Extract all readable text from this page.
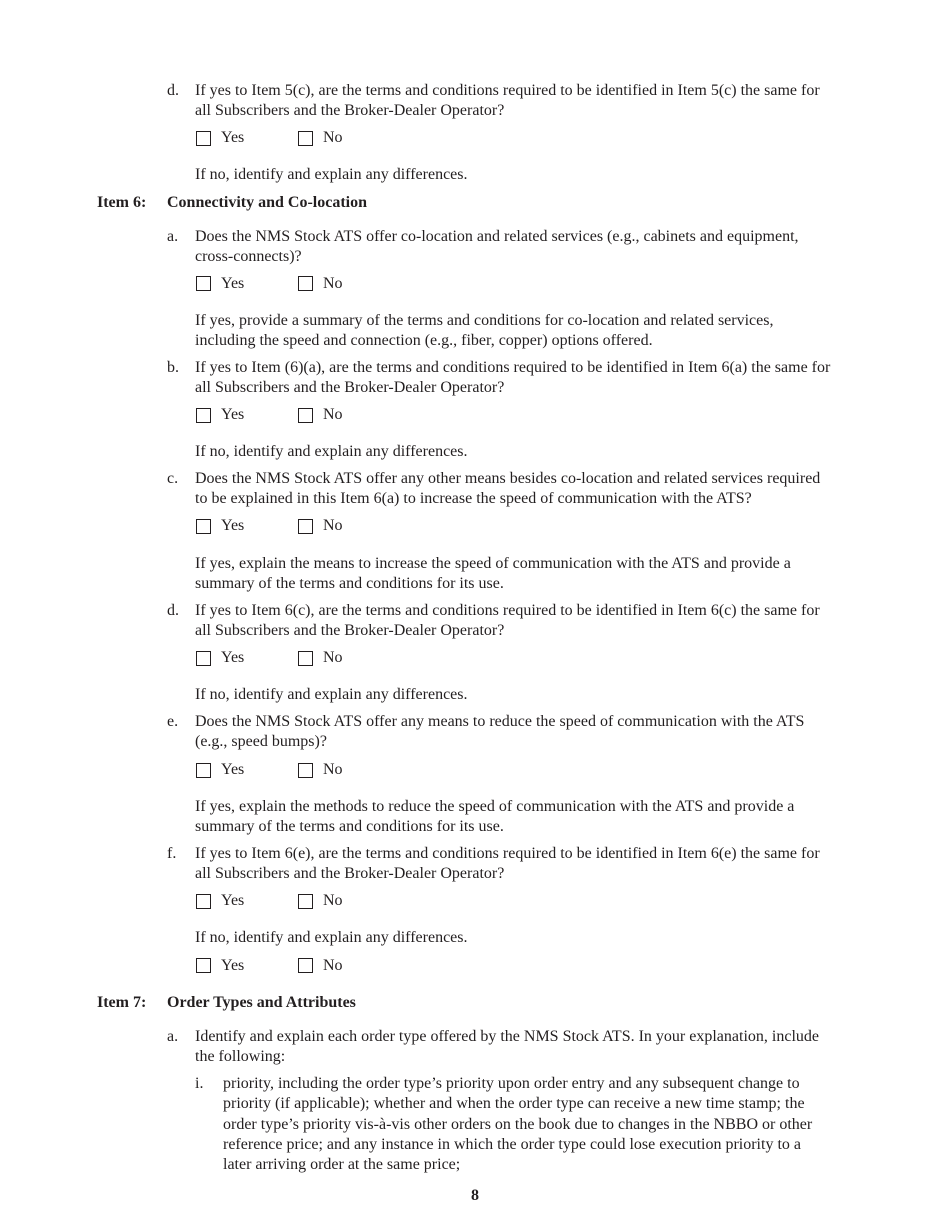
d. If yes to Item 5(c), are the terms and conditions required to be identified in Item 5(c) the same for
all Subscribers and the Broker-Dealer Operator?
Yes	No
If no, identify and explain any differences.
Item 6: Connectivity and Co-location
a. Does the NMS Stock ATS offer co-location and related services (e.g., cabinets and equipment,
cross-connects)?
Yes	No
If yes, provide a summary of the terms and conditions for co-location and related services,
including the speed and connection (e.g., fiber, copper) options offered.
b. If yes to Item (6)(a), are the terms and conditions required to be identified in Item 6(a) the same for
all Subscribers and the Broker-Dealer Operator?
Yes	No
If no, identify and explain any differences.
c. Does the NMS Stock ATS offer any other means besides co-location and related services required
to be explained in this Item 6(a) to increase the speed of communication with the ATS?
Yes	No
If yes, explain the means to increase the speed of communication with the ATS and provide a
summary of the terms and conditions for its use.
d. If yes to Item 6(c), are the terms and conditions required to be identified in Item 6(c) the same for
all Subscribers and the Broker-Dealer Operator?
Yes	No
If no, identify and explain any differences.
e. Does the NMS Stock ATS offer any means to reduce the speed of communication with the ATS
(e.g., speed bumps)?
Yes	No
If yes, explain the methods to reduce the speed of communication with the ATS and provide a
summary of the terms and conditions for its use.
f. If yes to Item 6(e), are the terms and conditions required to be identified in Item 6(e) the same for
all Subscribers and the Broker-Dealer Operator?
Yes	No
If no, identify and explain any differences.
Yes	No
Item 7: Order Types and Attributes
a. Identify and explain each order type offered by the NMS Stock ATS. In your explanation, include
the following:
i. priority, including the order type’s priority upon order entry and any subsequent change to
priority (if applicable); whether and when the order type can receive a new time stamp; the
order type’s priority vis-à-vis other orders on the book due to changes in the NBBO or other
reference price; and any instance in which the order type could lose execution priority to a
later arriving order at the same price;
8
